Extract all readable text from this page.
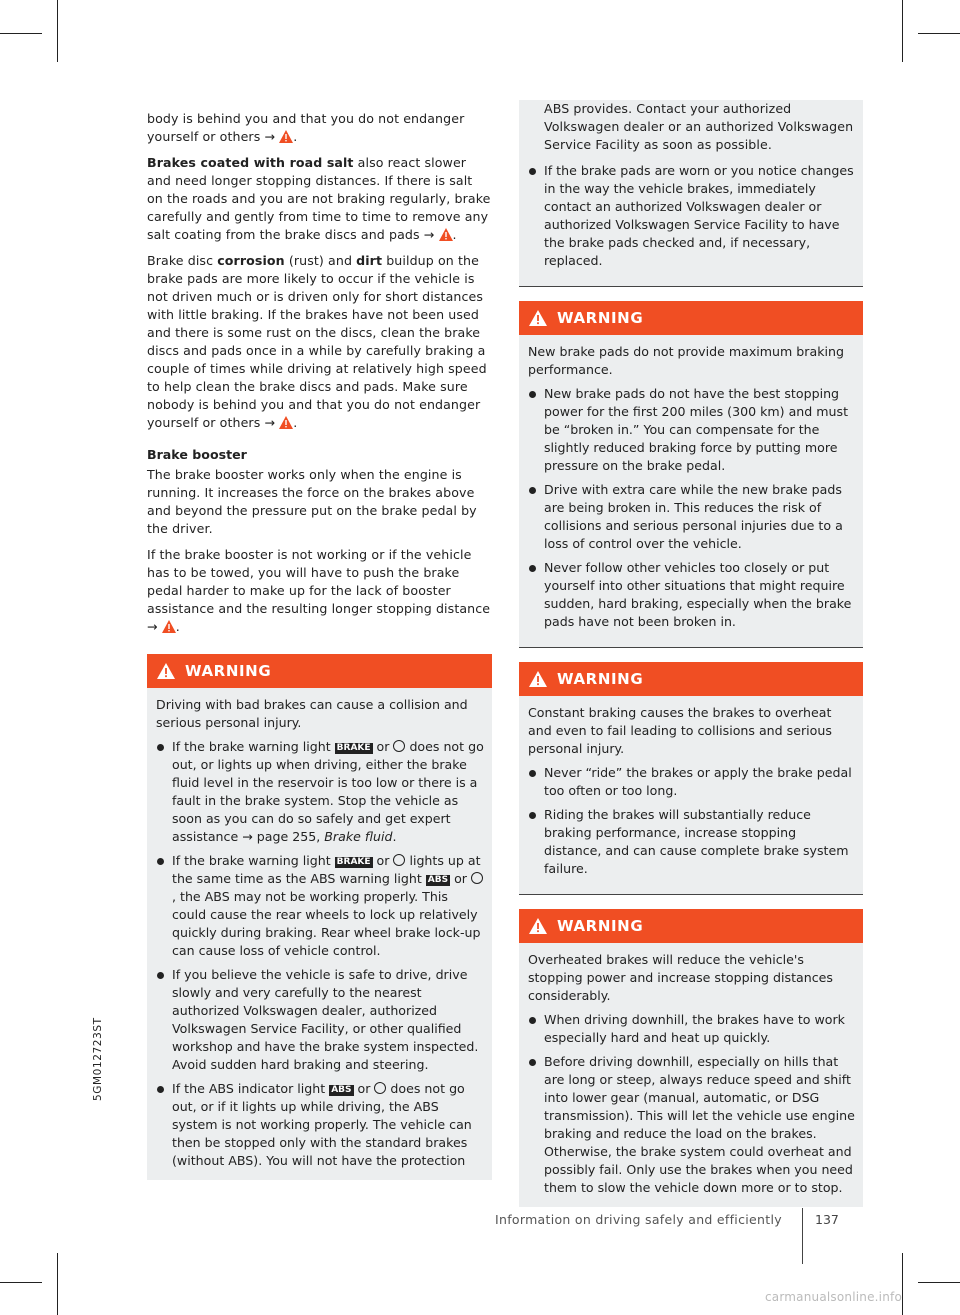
5GM012723ST

body is behind you and that you do not endanger yourself or others → .

Brakes coated with road salt also react slower and need longer stopping distances. If there is salt on the roads and you are not braking regularly, brake carefully and gently from time to time to remove any salt coating from the brake discs and pads → .

Brake disc corrosion (rust) and dirt buildup on the brake pads are more likely to occur if the vehicle is not driven much or is driven only for short distances with little braking. If the brakes have not been used and there is some rust on the discs, clean the brake discs and pads once in a while by carefully braking a couple of times while driving at relatively high speed to help clean the brake discs and pads. Make sure nobody is behind you and that you do not endanger yourself or others → .

Brake booster

The brake booster works only when the engine is running. It increases the force on the brakes above and beyond the pressure put on the brake pedal by the driver.

If the brake booster is not working or if the vehicle has to be towed, you will have to push the brake pedal harder to make up for the lack of booster assistance and the resulting longer stopping distance → .

WARNING
Driving with bad brakes can cause a collision and serious personal injury.
If the brake warning light BRAKE or  does not go out, or lights up when driving, either the brake fluid level in the reservoir is too low or there is a fault in the brake system. Stop the vehicle as soon as you can do so safely and get expert assistance → page 255, Brake fluid.
If the brake warning light BRAKE or  lights up at the same time as the ABS warning light ABS or , the ABS may not be working properly. This could cause the rear wheels to lock up relatively quickly during braking. Rear wheel brake lock-up can cause loss of vehicle control.
If you believe the vehicle is safe to drive, drive slowly and very carefully to the nearest authorized Volkswagen dealer, authorized Volkswagen Service Facility, or other qualified workshop and have the brake system inspected. Avoid sudden hard braking and steering.
If the ABS indicator light ABS or  does not go out, or if it lights up while driving, the ABS system is not working properly. The vehicle can then be stopped only with the standard brakes (without ABS). You will not have the protection

ABS provides. Contact your authorized Volkswagen dealer or an authorized Volkswagen Service Facility as soon as possible.

If the brake pads are worn or you notice changes in the way the vehicle brakes, immediately contact an authorized Volkswagen dealer or authorized Volkswagen Service Facility to have the brake pads checked and, if necessary, replaced.
WARNING
New brake pads do not provide maximum braking performance.
New brake pads do not have the best stopping power for the first 200 miles (300 km) and must be “broken in.” You can compensate for the slightly reduced braking force by putting more pressure on the brake pedal.
Drive with extra care while the new brake pads are being broken in. This reduces the risk of collisions and serious personal injuries due to a loss of control over the vehicle.
Never follow other vehicles too closely or put yourself into other situations that might require sudden, hard braking, especially when the brake pads have not been broken in.
WARNING
Constant braking causes the brakes to overheat and even to fail leading to collisions and serious personal injury.
Never “ride” the brakes or apply the brake pedal too often or too long.
Riding the brakes will substantially reduce braking performance, increase stopping distance, and can cause complete brake system failure.
WARNING
Overheated brakes will reduce the vehicle's stopping power and increase stopping distances considerably.
When driving downhill, the brakes have to work especially hard and heat up quickly.
Before driving downhill, especially on hills that are long or steep, always reduce speed and shift into lower gear (manual, automatic, or DSG transmission). This will let the vehicle use engine braking and reduce the load on the brakes. Otherwise, the brake system could overheat and possibly fail. Only use the brakes when you need them to slow the vehicle down more or to stop.
Information on driving safely and efficiently	137
carmanualsonline.info
